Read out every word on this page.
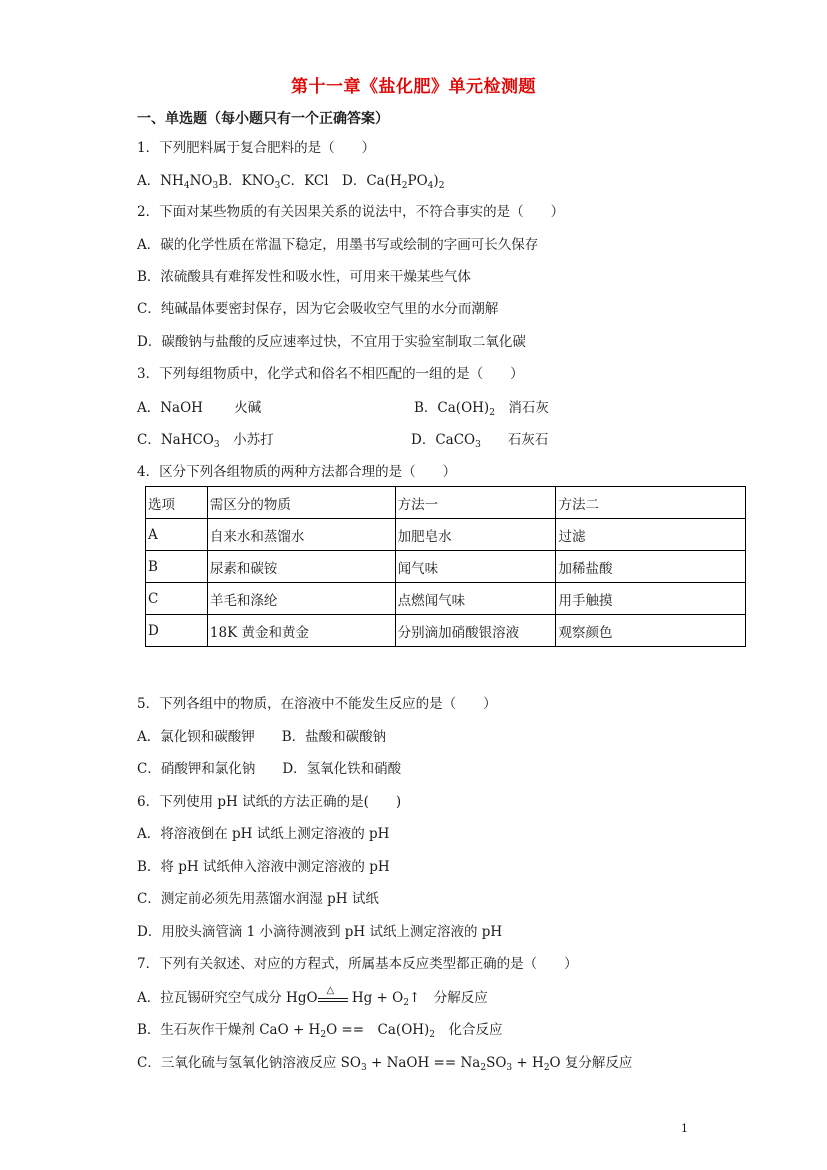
第十一章《盐化肥》单元检测题
一、单选题（每小题只有一个正确答案）
1．下列肥料属于复合肥料的是（　　）
A．$NH_4NO_3B$．$KNO_3C$．KCl　D．$Ca(H_2PO_4)_2$
2．下面对某些物质的有关因果关系的说法中，不符合事实的是（　　）
A．碳的化学性质在常温下稳定，用墨书写或绘制的字画可长久保存
B．浓硫酸具有难挥发性和吸水性，可用来干燥某些气体
C．纯碱晶体要密封保存，因为它会吸收空气里的水分而潮解
D．碳酸钠与盐酸的反应速率过快，不宜用于实验室制取二氧化碳
3．下列每组物质中，化学式和俗名不相匹配的一组的是（　　）
A．NaOH　　 火碱	B．$Ca(OH)_2$　消石灰
C．NaHCO$_3$　小苏打	D．CaCO$_3$　　石灰石
4．区分下列各组物质的两种方法都合理的是（　　）
选项	需区分的物质	方法一	方法二
A	自来水和蒸馏水	加肥皂水	过滤
B	尿素和碳铵	闻气味	加稀盐酸
C	羊毛和涤纶	点燃闻气味	用手触摸
D	18K 黄金和黄金	分别滴加硝酸银溶液	观察颜色
5．下列各组中的物质，在溶液中不能发生反应的是（　　）
A．氯化钡和碳酸钾　　B．盐酸和碳酸钠
C．硝酸钾和氯化钠　　D．氢氧化铁和硝酸
6．下列使用 pH 试纸的方法正确的是(　　)
A．将溶液倒在 pH 试纸上测定溶液的 pH
B．将 pH 试纸伸入溶液中测定溶液的 pH
C．测定前必须先用蒸馏水润湿 pH 试纸
D．用胶头滴管滴 1 小滴待测液到 pH 试纸上测定溶液的 pH
7．下列有关叙述、对应的方程式，所属基本反应类型都正确的是（　　）
A．拉瓦锡研究空气成分 HgO △ $Hg + O_2↑$　分解反应
B．生石灰作干燥剂 CaO + $H_2O$ ==　$Ca(OH)_2$　化合反应
C．三氧化硫与氢氧化钠溶液反应 $SO_3$ + NaOH == $Na_2SO_3 + H_2O$ 复分解反应
1
